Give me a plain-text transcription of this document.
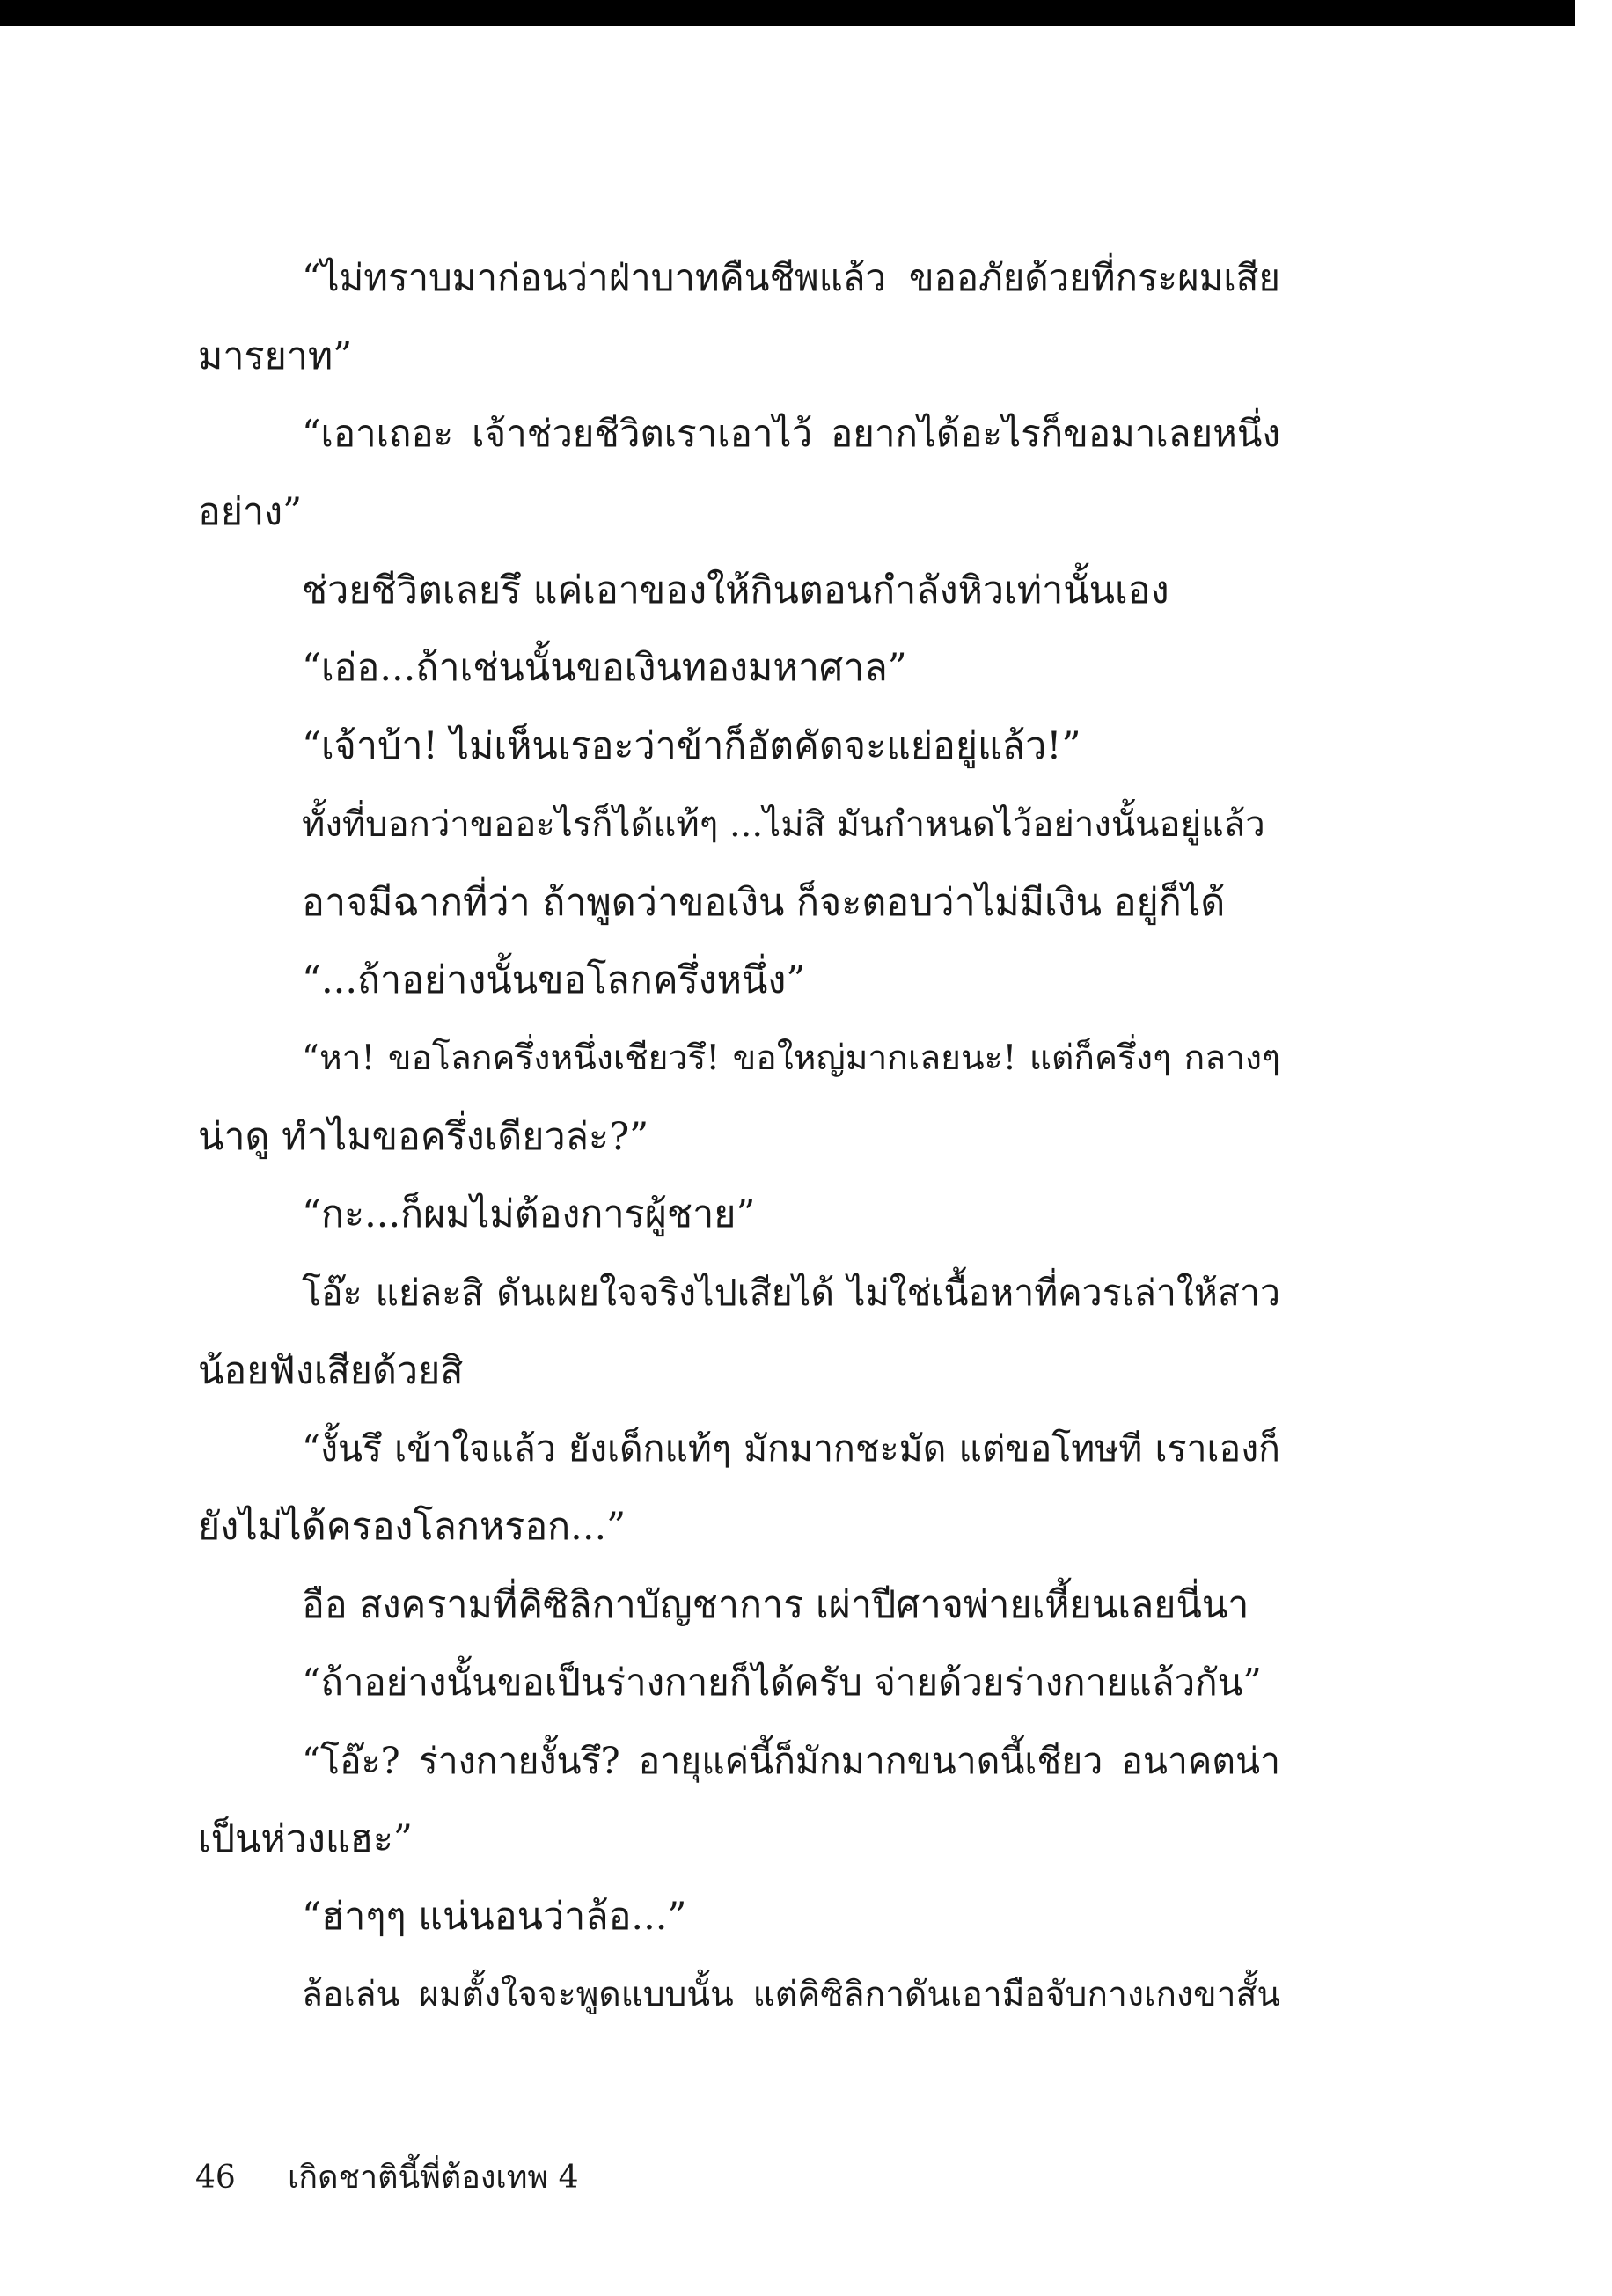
“ไม่ทราบมาก่อนว่าฝ่าบาทคืนชีพแล้ว ขออภัยด้วยที่กระผมเสีย
มารยาท”
“เอาเถอะ เจ้าช่วยชีวิตเราเอาไว้ อยากได้อะไรก็ขอมาเลยหนึ่ง
อย่าง”
ช่วยชีวิตเลยรึ แค่เอาของให้กินตอนกำลังหิวเท่านั้นเอง
“เอ่อ...ถ้าเช่นนั้นขอเงินทองมหาศาล”
“เจ้าบ้า! ไม่เห็นเรอะว่าข้าก็อัตคัดจะแย่อยู่แล้ว!”
ทั้งที่บอกว่าขออะไรก็ได้แท้ๆ ...ไม่สิ มันกำหนดไว้อย่างนั้นอยู่แล้ว
อาจมีฉากที่ว่า ถ้าพูดว่าขอเงิน ก็จะตอบว่าไม่มีเงิน อยู่ก็ได้
“...ถ้าอย่างนั้นขอโลกครึ่งหนึ่ง”
“หา! ขอโลกครึ่งหนึ่งเชียวรึ! ขอใหญ่มากเลยนะ! แต่ก็ครึ่งๆ กลางๆ
น่าดู ทำไมขอครึ่งเดียวล่ะ?”
“กะ...ก็ผมไม่ต้องการผู้ชาย”
โอ๊ะ แย่ละสิ ดันเผยใจจริงไปเสียได้ ไม่ใช่เนื้อหาที่ควรเล่าให้สาว
น้อยฟังเสียด้วยสิ
“งั้นรึ เข้าใจแล้ว ยังเด็กแท้ๆ มักมากชะมัด แต่ขอโทษที เราเองก็
ยังไม่ได้ครองโลกหรอก...”
อือ สงครามที่คิซิลิกาบัญชาการ เผ่าปีศาจพ่ายเหี้ยนเลยนี่นา
“ถ้าอย่างนั้นขอเป็นร่างกายก็ได้ครับ จ่ายด้วยร่างกายแล้วกัน”
“โอ๊ะ? ร่างกายงั้นรึ? อายุแค่นี้ก็มักมากขนาดนี้เชียว อนาคตน่า
เป็นห่วงแฮะ”
“ฮ่าๆๆ แน่นอนว่าล้อ...”
ล้อเล่น ผมตั้งใจจะพูดแบบนั้น แต่คิซิลิกาดันเอามือจับกางเกงขาสั้น
46 เกิดชาตินี้พี่ต้องเทพ 4
